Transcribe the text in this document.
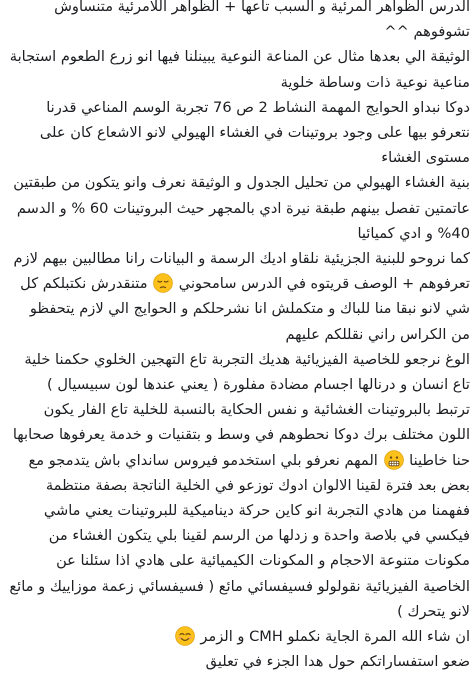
الدرس الظواهر المرئية و السبب تاعها + الظواهر اللامرئية متنساوش تشوفوهم ^^

الوثيقة الي بعدها مثال عن المناعة النوعية يبينلنا فيها انو زرع الطعوم استجابة مناعية نوعية ذات وساطة خلوية

دوكا نبداو الحوايج المهمة النشاط 2 ص 76 تجربة الوسم المناعي قدرنا نتعرفو بيها على وجود بروتينات في الغشاء الهيولي لانو الاشعاع كان على مستوى الغشاء

بنية الغشاء الهيولي من تحليل الجدول و الوثيقة نعرف وانو يتكون من طبقتين عاتمتين تفصل بينهم طبقة نيرة ادي بالمجهر حيث البروتينات 60 % و الدسم 40% و ادي كميائيا

كما نروحو للبنية الجزيئية نلقاو اديك الرسمة و البيانات رانا مطالبين بيهم لازم تعرفوهم + الوصف قريتوه في الدرس سامحوني  متنقدرش نكتبلكم كل شي لانو نبقا منا للباك و متكملش انا نشرحلكم و الحوايج الي لازم يتحفظو من الكراس راني نقللكم عليهم

الوغ نرجعو للخاصية الفيزيائية هديك التجربة تاع التهجين الخلوي حكمنا خلية تاع انسان و درنالها اجسام مضادة مفلورة ( يعني عندها لون سبيسيال ) ترتبط بالبروتينات الغشائية و نفس الحكاية بالنسبة للخلية تاع الفار يكون اللون مختلف برك دوكا نحطوهم في وسط و بتقنيات و خدمة يعرفوها صحابها حنا خاطينا  المهم نعرفو بلي استخدمو فيروس سانداي باش يتدمجو مع بعض بعد فترة لقينا الالوان ادوك توزعو في الخلية الناتجة بصفة منتظمة ففهمنا من هادي التجربة انو كاين حركة ديناميكية للبروتينات يعني ماشي فيكسي في بلاصة واحدة و زدلها من الرسم لقينا بلي يتكون الغشاء من مكونات متنوعة الاحجام و المكونات الكيميائية على هادي اذا سئلنا عن الخاصية الفيزيائية نقولولو فسيفسائي مائع ( فسيفسائي زعمة موزاييك و مائع لانو يتحرك )

ان شاء الله المرة الجاية نكملو CMH و الزمر

ضعو استفساراتكم حول هدا الجزء في تعليق
